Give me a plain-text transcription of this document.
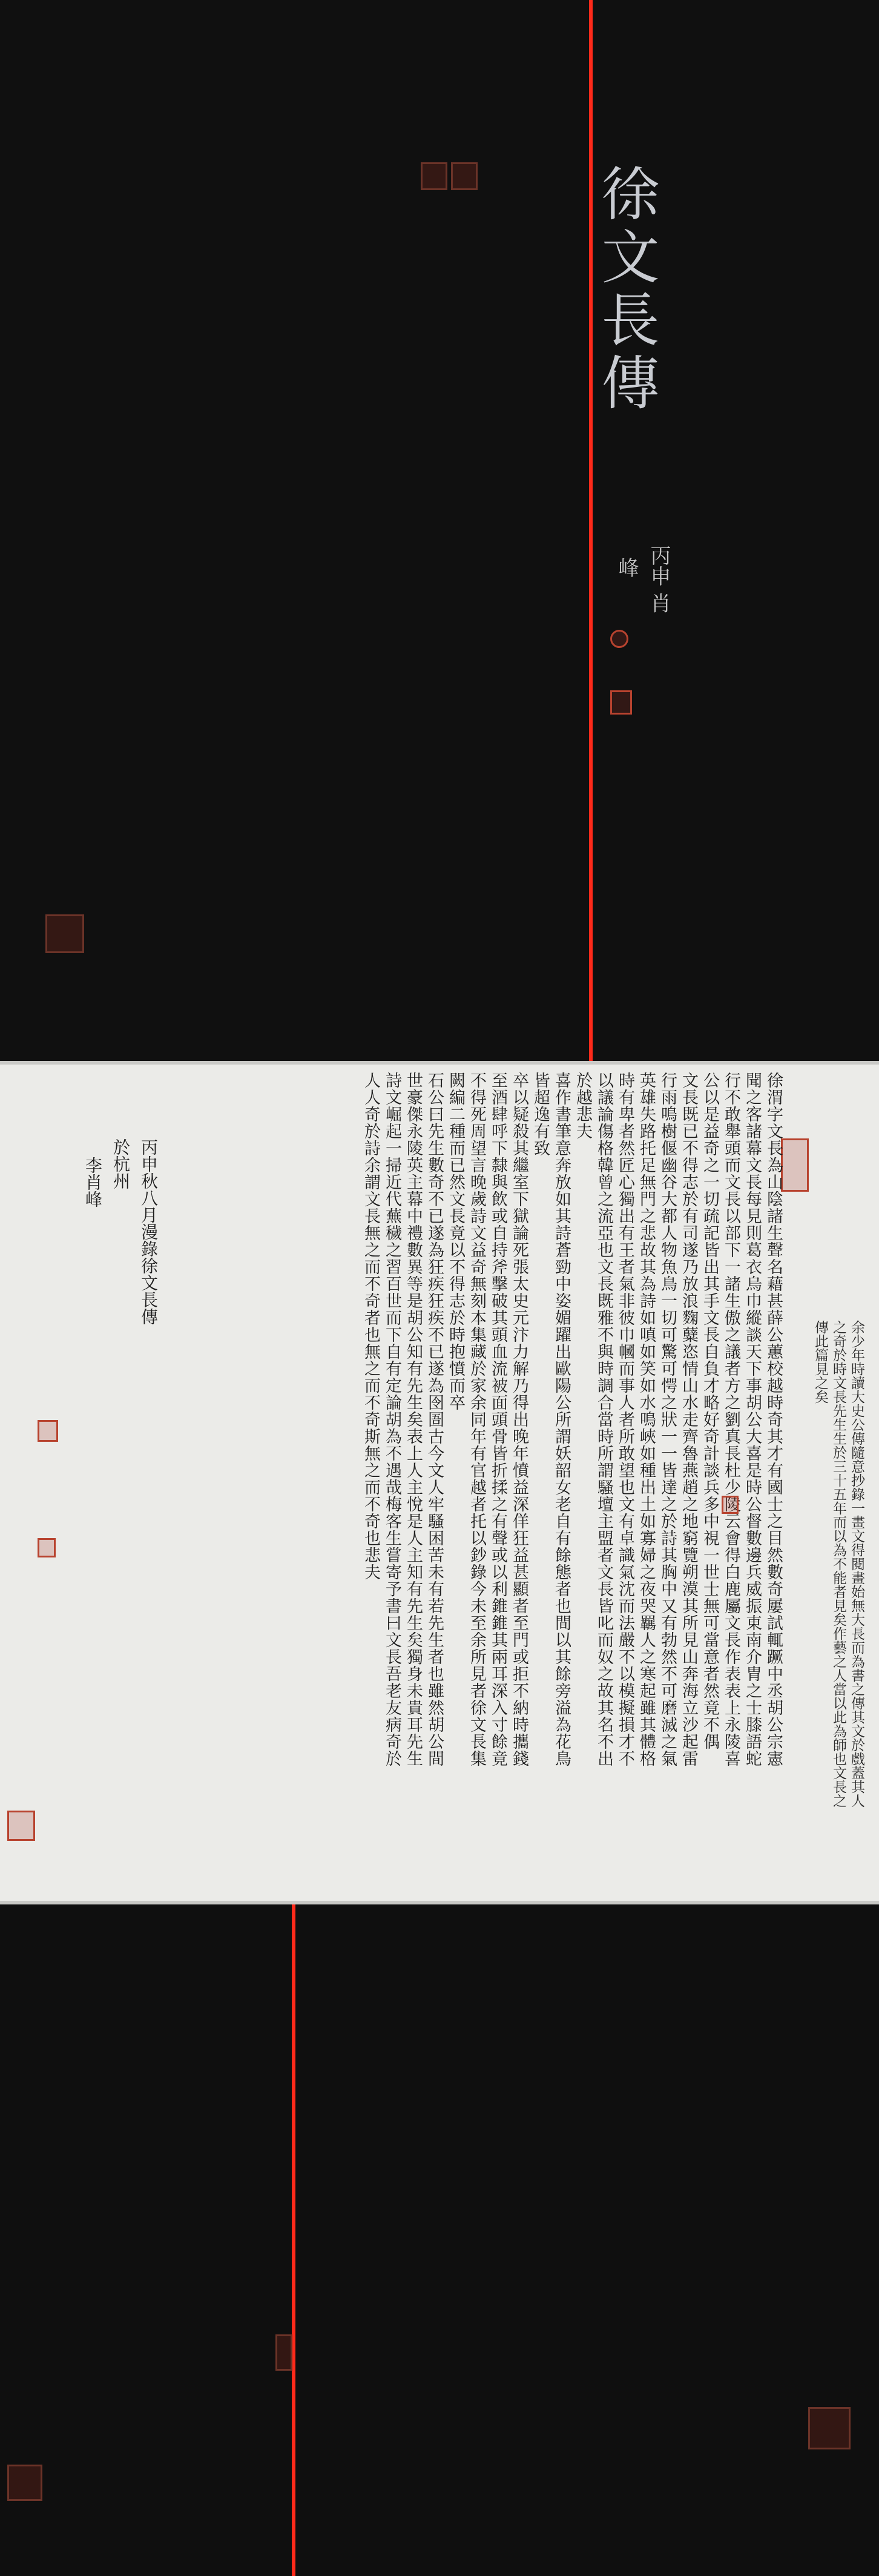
徐文長傳
丙申 肖
峰

徐渭字文長為山陰諸生聲名藉甚薛公蕙校越時奇其才有國士之目然數奇屢試輒蹶中丞胡公宗憲聞之客諸幕文長每見則葛衣烏巾縱談天下事胡公大喜是時公督數邊兵威振東南介胄之士膝語蛇行不敢舉頭而文長以部下一諸生傲之議者方之劉真長杜少陵云會得白鹿屬文長作表表上永陵喜公以是益奇之一切疏記皆出其手文長自負才略好奇計談兵多中視一世士無可當意者然竟不偶

文長既已不得志於有司遂乃放浪麴糵恣情山水走齊魯燕趙之地窮覽朔漠其所見山奔海立沙起雷行雨鳴樹偃幽谷大都人物魚鳥一切可驚可愕之狀一一皆達之於詩其胸中又有勃然不可磨滅之氣英雄失路托足無門之悲故其為詩如嗔如笑如水鳴峽如種出土如寡婦之夜哭羈人之寒起雖其體格時有卑者然匠心獨出有王者氣非彼巾幗而事人者所敢望也文有卓識氣沈而法嚴不以模擬損才不以議論傷格韓曾之流亞也文長既雅不與時調合當時所謂騷壇主盟者文長皆叱而奴之故其名不出於越悲夫

喜作書筆意奔放如其詩蒼勁中姿媚躍出歐陽公所謂妖韶女老自有餘態者也間以其餘旁溢為花鳥皆超逸有致

卒以疑殺其繼室下獄論死張太史元汴力解乃得出晚年憤益深佯狂益甚顯者至門或拒不納時攜錢至酒肆呼下隸與飲或自持斧擊破其頭血流被面頭骨皆折揉之有聲或以利錐錐其兩耳深入寸餘竟不得死周望言晚歲詩文益奇無刻本集藏於家余同年有官越者托以鈔錄今未至余所見者徐文長集闕編二種而已然文長竟以不得志於時抱憤而卒

石公曰先生數奇不已遂為狂疾狂疾不已遂為囹圄古今文人牢騷困苦未有若先生者也雖然胡公間世豪傑永陵英主幕中禮數異等是胡公知有先生矣表上人主悅是人主知有先生矣獨身未貴耳先生詩文崛起一掃近代蕪穢之習百世而下自有定論胡為不遇哉梅客生嘗寄予書曰文長吾老友病奇於人人奇於詩余謂文長無之而不奇者也無之而不奇斯無之而不奇也悲夫

丙申秋八月漫錄徐文長傳
於杭州
李肖峰
余少年時讀大史公傳隨意抄錄一畫文得閱畫始無大長而為書之傳其文於戲蓋其人之奇於時文長先生生於三十五年而以為不能者見矣作藝之人當以此為師也文長之傳此篇見之矣
